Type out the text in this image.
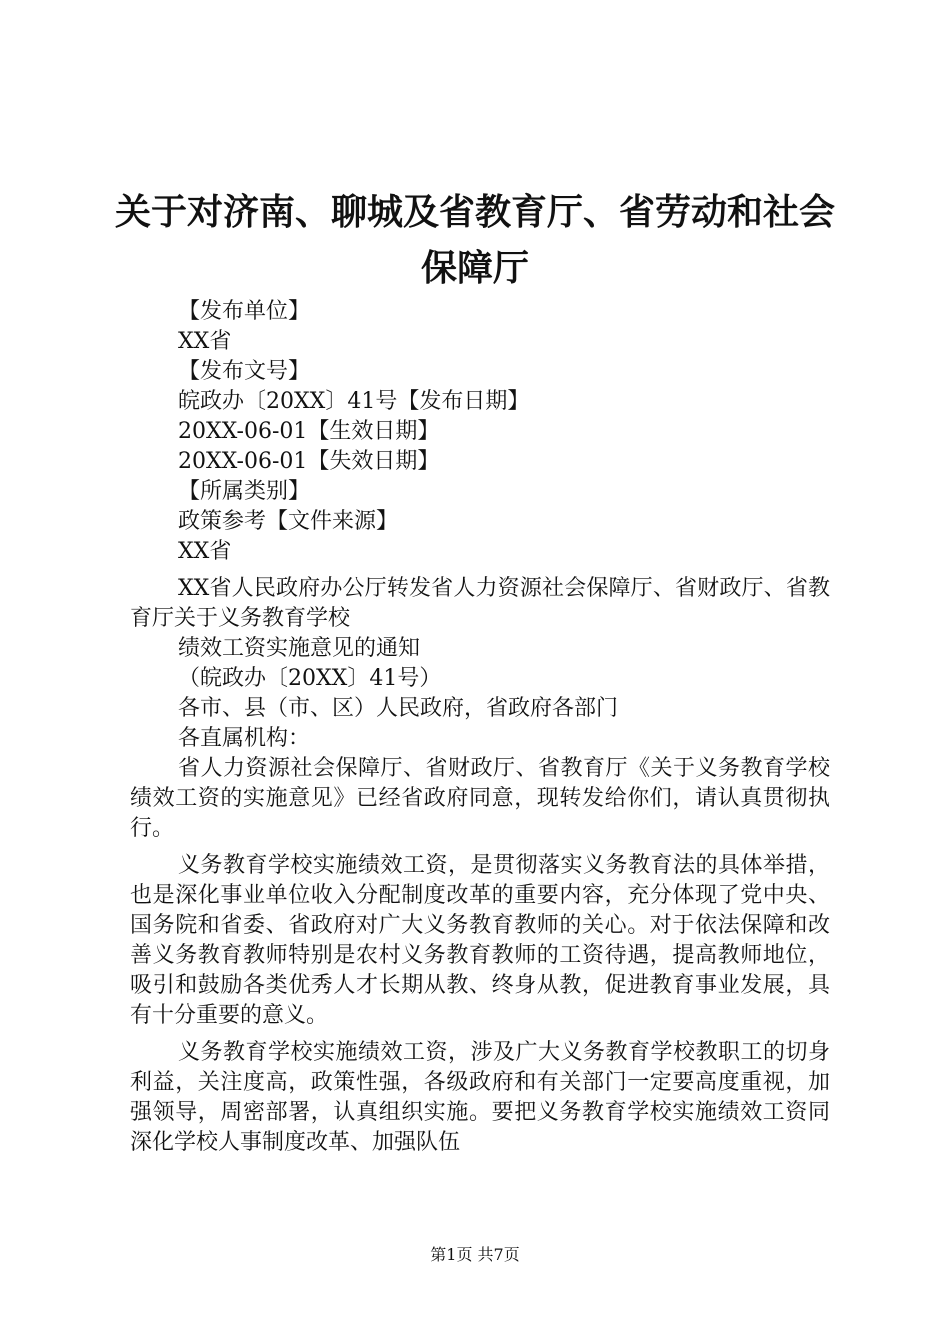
关于对济南、聊城及省教育厅、省劳动和社会保障厅
【发布单位】
XX省
【发布文号】
皖政办〔20XX〕41号【发布日期】
20XX-06-01【生效日期】
20XX-06-01【失效日期】
【所属类别】
政策参考【文件来源】
XX省

XX省人民政府办公厅转发省人力资源社会保障厅、省财政厅、省教育厅关于义务教育学校

绩效工资实施意见的通知

（皖政办〔20XX〕41号）

各市、县（市、区）人民政府，省政府各部门

各直属机构：

省人力资源社会保障厅、省财政厅、省教育厅《关于义务教育学校绩效工资的实施意见》已经省政府同意，现转发给你们，请认真贯彻执行。

义务教育学校实施绩效工资，是贯彻落实义务教育法的具体举措，也是深化事业单位收入分配制度改革的重要内容，充分体现了党中央、国务院和省委、省政府对广大义务教育教师的关心。对于依法保障和改善义务教育教师特别是农村义务教育教师的工资待遇，提高教师地位，吸引和鼓励各类优秀人才长期从教、终身从教，促进教育事业发展，具有十分重要的意义。

义务教育学校实施绩效工资，涉及广大义务教育学校教职工的切身利益，关注度高，政策性强，各级政府和有关部门一定要高度重视，加强领导，周密部署，认真组织实施。要把义务教育学校实施绩效工资同深化学校人事制度改革、加强队伍

第1页 共7页
